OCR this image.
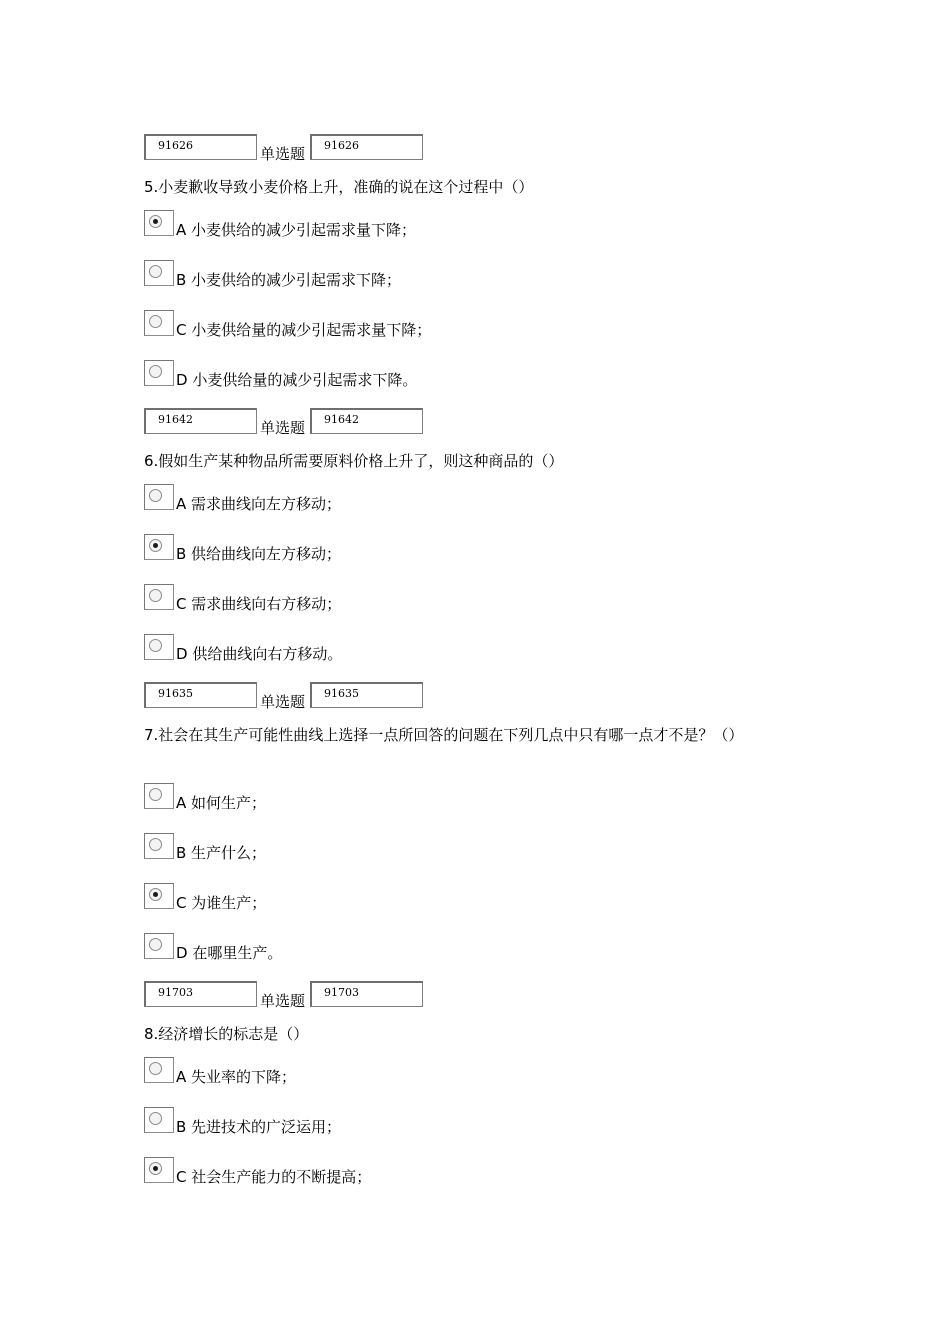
91626	单选题	91626
5.小麦歉收导致小麦价格上升，准确的说在这个过程中（）
A 小麦供给的减少引起需求量下降；
B 小麦供给的减少引起需求下降；
C 小麦供给量的减少引起需求量下降；
D 小麦供给量的减少引起需求下降。
91642	单选题	91642
6.假如生产某种物品所需要原料价格上升了，则这种商品的（）
A 需求曲线向左方移动；
B 供给曲线向左方移动；
C 需求曲线向右方移动；
D 供给曲线向右方移动。
91635	单选题	91635
7.社会在其生产可能性曲线上选择一点所回答的问题在下列几点中只有哪一点才不是？（）
A 如何生产；
B 生产什么；
C 为谁生产；
D 在哪里生产。
91703	单选题	91703
8.经济增长的标志是（）
A 失业率的下降；
B 先进技术的广泛运用；
C 社会生产能力的不断提高；
